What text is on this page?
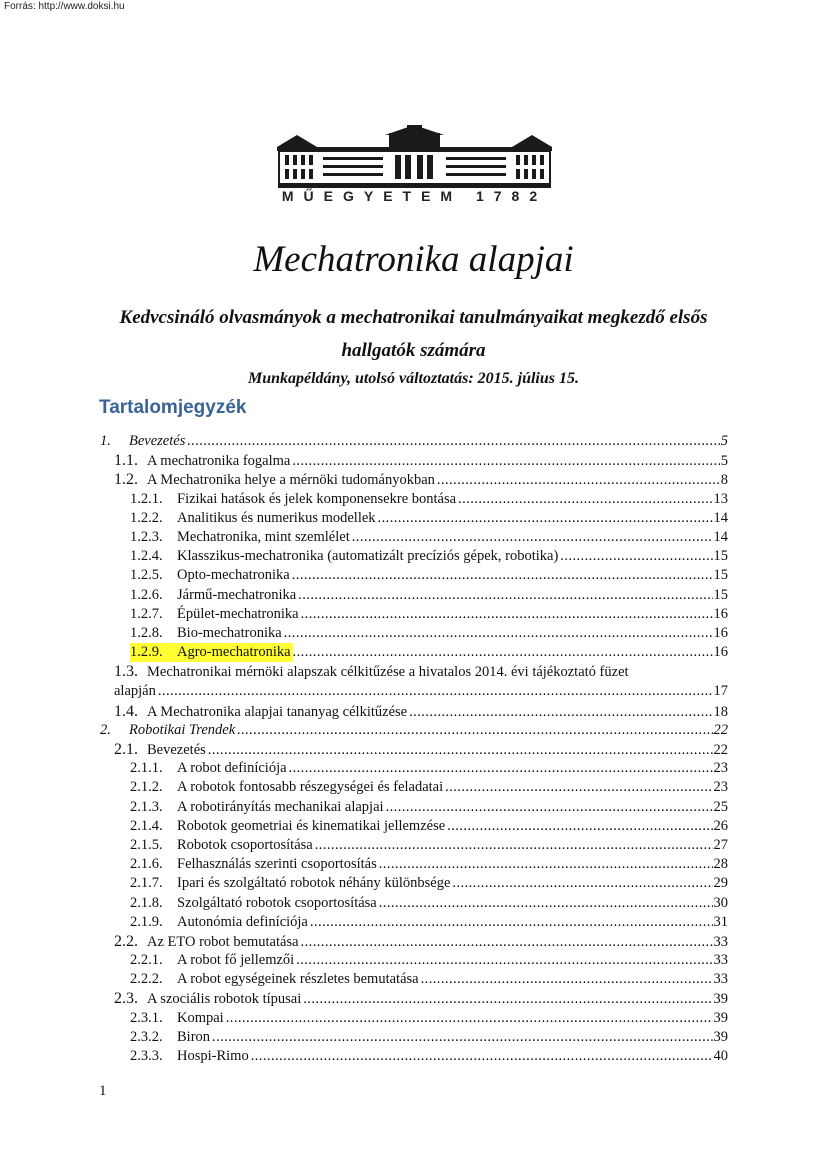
Forrás: http://www.doksi.hu
MŰEGYETEM 1782
Mechatronika alapjai
Kedvcsináló olvasmányok a mechatronikai tanulmányaikat megkezdő elsős hallgatók számára
Munkapéldány, utolsó változtatás: 2015. július 15.
Tartalomjegyzék
1.	Bevezetés . . .	5
1.1. A mechatronika fogalma . . .	5
1.2. A Mechatronika helye a mérnöki tudományokban . . .	8
1.2.1. Fizikai hatások és jelek komponensekre bontása . . .	13
1.2.2. Analitikus és numerikus modellek . . .	14
1.2.3. Mechatronika, mint szemlélet . . .	14
1.2.4. Klasszikus-mechatronika (automatizált precíziós gépek, robotika) . . .	15
1.2.5. Opto-mechatronika . . .	15
1.2.6. Jármű-mechatronika . . .	15
1.2.7. Épület-mechatronika . . .	16
1.2.8. Bio-mechatronika . . .	16
1.2.9. Agro-mechatronika . . .	16
1.3. Mechatronikai mérnöki alapszak célkitűzése a hivatalos 2014. évi tájékoztató füzet
alapján . . .	17
1.4. A Mechatronika alapjai tananyag célkitűzése . . .	18
2.	Robotikai Trendek . . .	22
2.1. Bevezetés . . .	22
2.1.1. A robot definíciója . . .	23
2.1.2. A robotok fontosabb részegységei és feladatai . . .	23
2.1.3. A robotirányítás mechanikai alapjai . . .	25
2.1.4. Robotok geometriai és kinematikai jellemzése . . .	26
2.1.5. Robotok csoportosítása . . .	27
2.1.6. Felhasználás szerinti csoportosítás . . .	28
2.1.7. Ipari és szolgáltató robotok néhány különbsége . . .	29
2.1.8. Szolgáltató robotok csoportosítása . . .	30
2.1.9. Autonómia definíciója . . .	31
2.2. Az ETO robot bemutatása . . .	33
2.2.1. A robot fő jellemzői . . .	33
2.2.2. A robot egységeinek részletes bemutatása . . .	33
2.3. A szociális robotok típusai . . .	39
2.3.1. Kompai . . .	39
2.3.2. Biron . . .	39
2.3.3. Hospi-Rimo . . .	40
1
